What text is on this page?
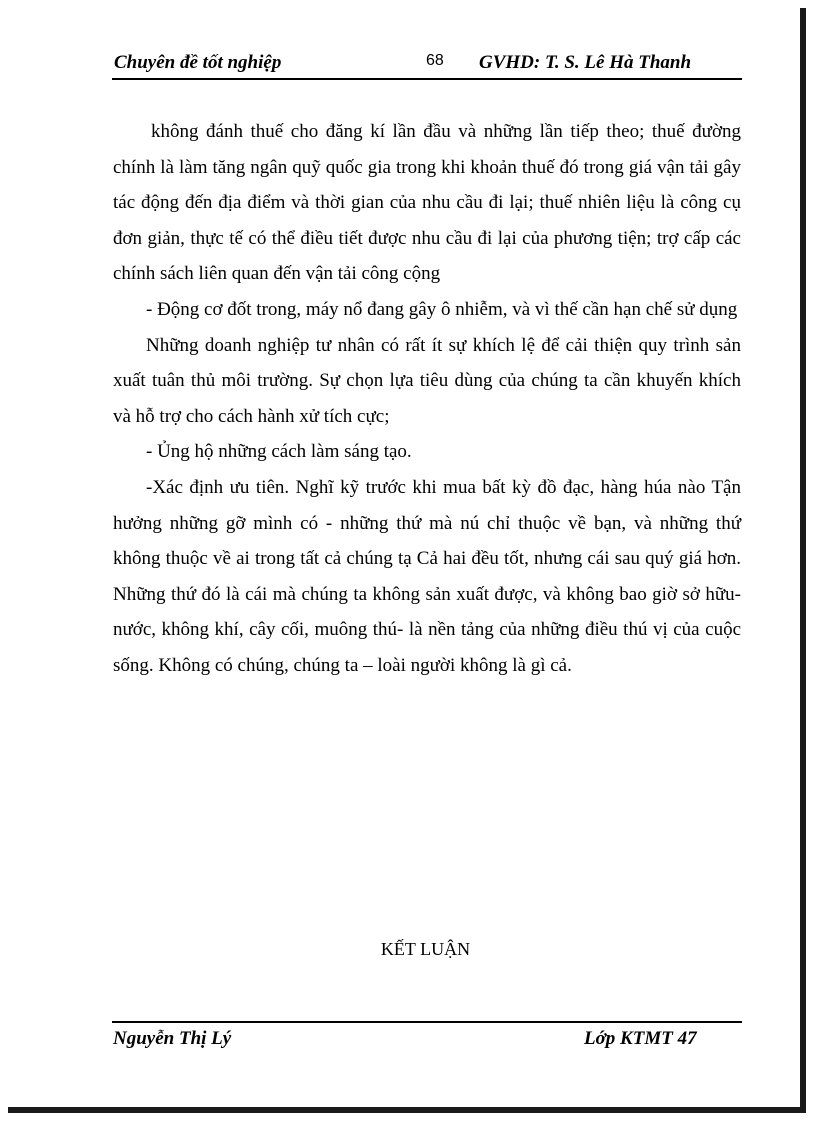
Chuyên đề tốt nghiệp	68 GVHD: T. S. Lê Hà Thanh

không đánh thuế cho đăng kí lần đầu và những lần tiếp theo; thuế đường chính là làm tăng ngân quỹ quốc gia trong khi khoản thuế đó trong giá vận tải gây tác động đến địa điểm và thời gian của nhu cầu đi lại; thuế nhiên liệu là công cụ đơn giản, thực tế có thể điều tiết được nhu cầu đi lại của phương tiện; trợ cấp các chính sách liên quan đến vận tải công cộng

- Động cơ đốt trong, máy nổ đang gây ô nhiễm, và vì thế cần hạn chế sử dụng

Những doanh nghiệp tư nhân có rất ít sự khích lệ để cải thiện quy trình sản xuất tuân thủ môi trường. Sự chọn lựa tiêu dùng của chúng ta cần khuyến khích và hỗ trợ cho cách hành xử tích cực;

- Ủng hộ những cách làm sáng tạo.

-Xác định ưu tiên. Nghĩ kỹ trước khi mua bất kỳ đồ đạc, hàng húa nào Tận hưởng những gỡ mình có - những thứ mà nú chỉ thuộc về bạn, và những thứ không thuộc về ai trong tất cả chúng tạ Cả hai đều tốt, nhưng cái sau quý giá hơn. Những thứ đó là cái mà chúng ta không sản xuất được, và không bao giờ sở hữu- nước, không khí, cây cối, muông thú- là nền tảng của những điều thú vị của cuộc sống. Không có chúng, chúng ta – loài người không là gì cả.

KẾT LUẬN
Nguyễn Thị Lý	Lớp KTMT 47
